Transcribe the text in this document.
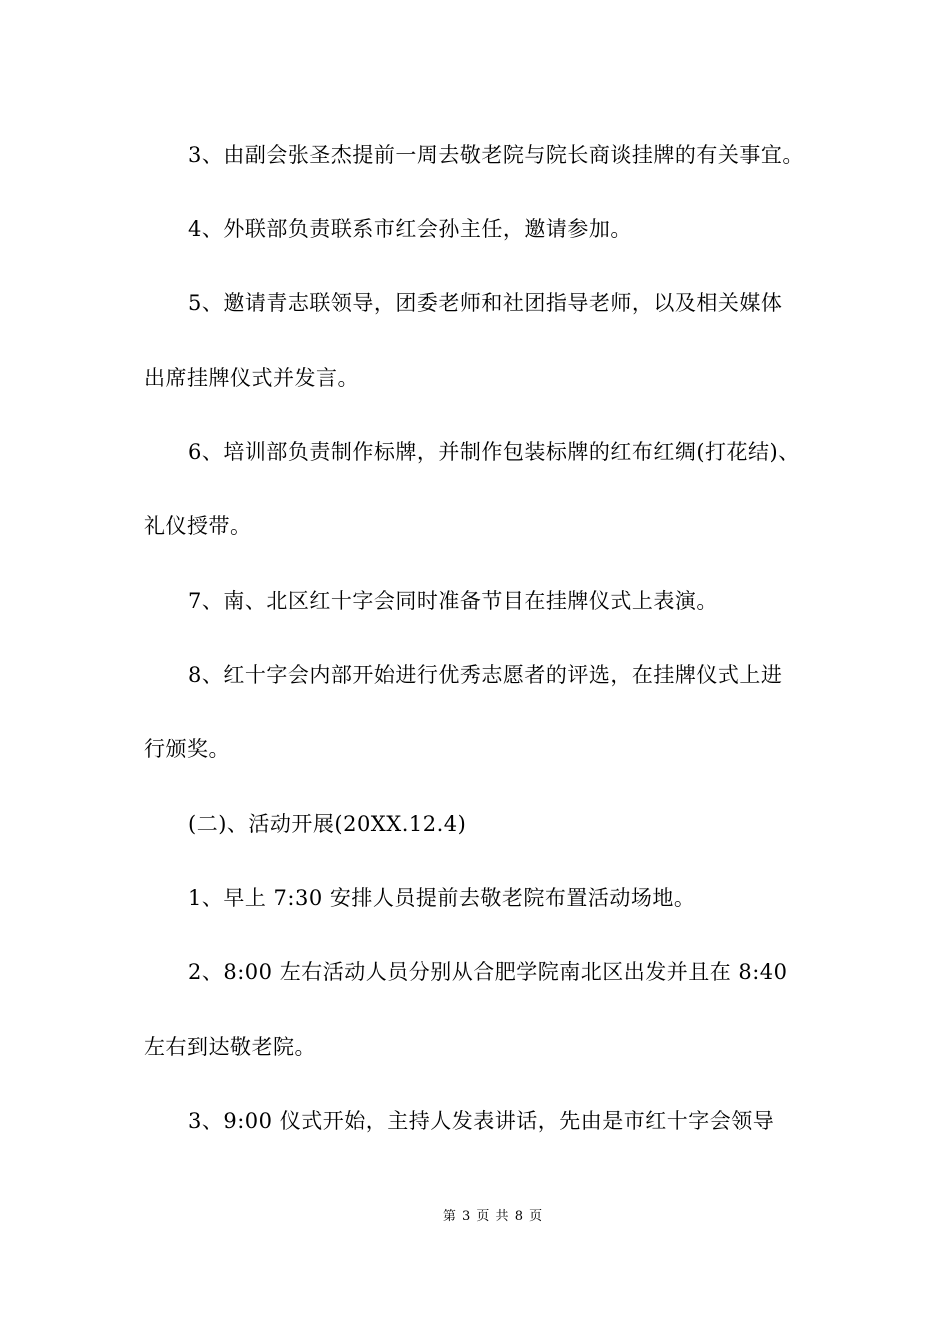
3、由副会张圣杰提前一周去敬老院与院长商谈挂牌的有关事宜。
4、外联部负责联系市红会孙主任，邀请参加。
5、邀请青志联领导，团委老师和社团指导老师，以及相关媒体
出席挂牌仪式并发言。
6、培训部负责制作标牌，并制作包装标牌的红布红绸(打花结)、
礼仪授带。
7、南、北区红十字会同时准备节目在挂牌仪式上表演。
8、红十字会内部开始进行优秀志愿者的评选，在挂牌仪式上进
行颁奖。
(二)、活动开展(20XX.12.4)
1、早上 7:30 安排人员提前去敬老院布置活动场地。
2、8:00 左右活动人员分别从合肥学院南北区出发并且在 8:40
左右到达敬老院。
3、9:00 仪式开始，主持人发表讲话，先由是市红十字会领导
第 3 页 共 8 页
